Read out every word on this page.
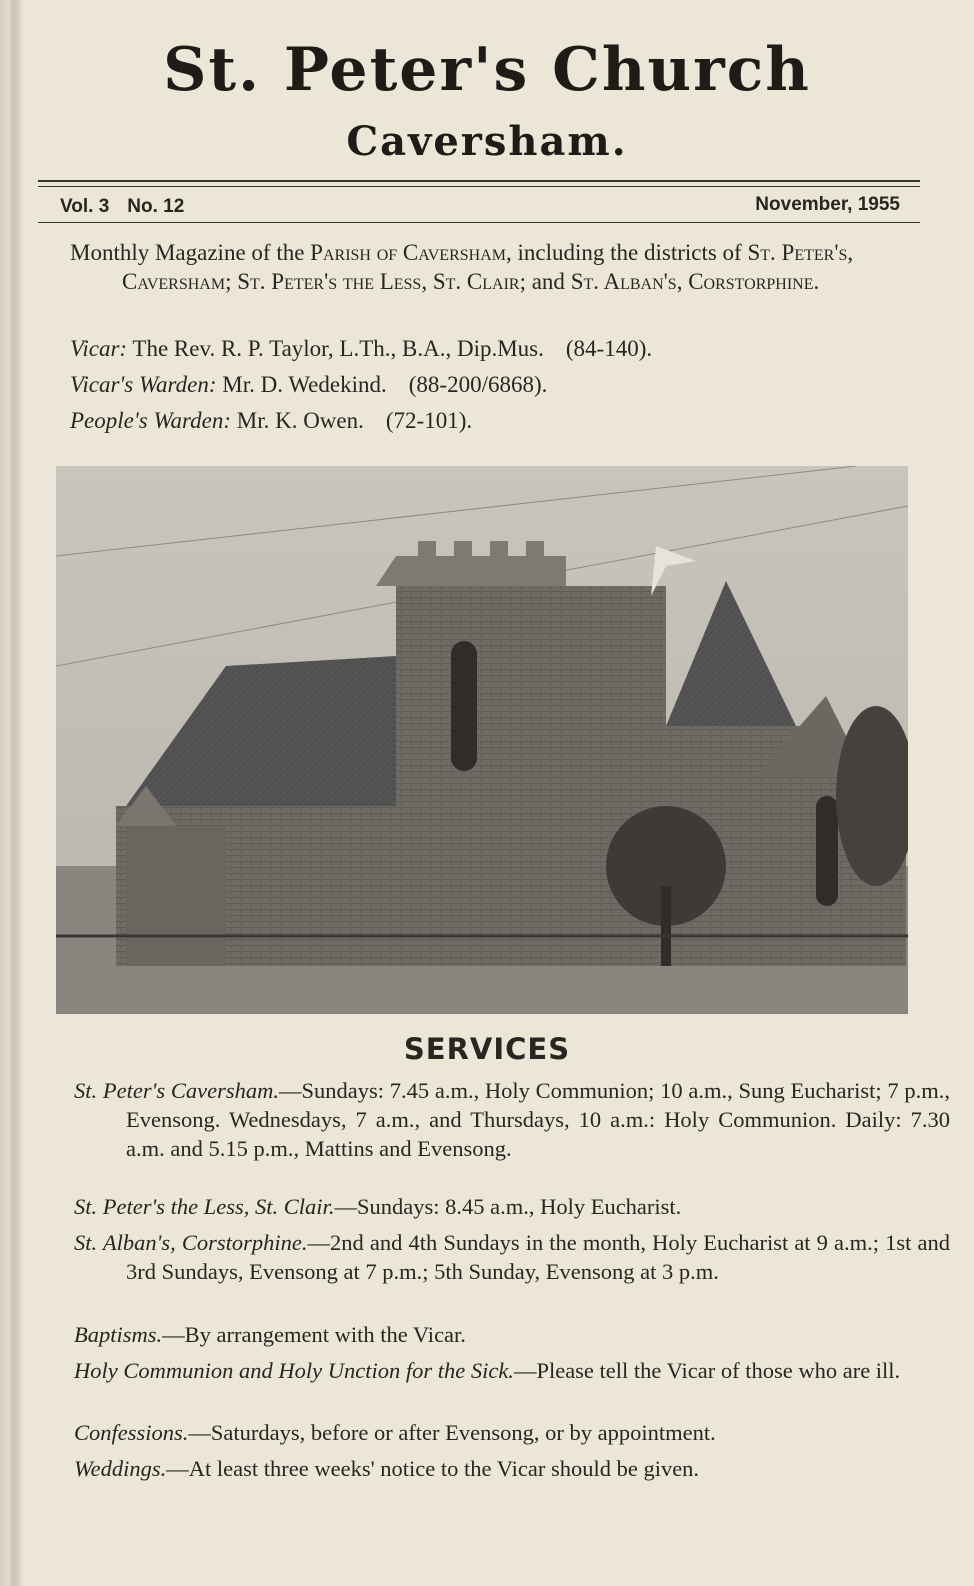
St. Peter's Church
Caversham.
Vol. 3 No. 12	November, 1955
Monthly Magazine of the Parish of Caversham, including the districts of St. Peter's, Caversham; St. Peter's the Less, St. Clair; and St. Alban's, Corstorphine.
Vicar: The Rev. R. P. Taylor, L.Th., B.A., Dip.Mus. (84-140).
Vicar's Warden: Mr. D. Wedekind. (88-200/6868).
People's Warden: Mr. K. Owen. (72-101).
SERVICES
St. Peter's Caversham.—Sundays: 7.45 a.m., Holy Communion; 10 a.m., Sung Eucharist; 7 p.m., Evensong. Wednesdays, 7 a.m., and Thursdays, 10 a.m.: Holy Communion. Daily: 7.30 a.m. and 5.15 p.m., Mattins and Evensong.
St. Peter's the Less, St. Clair.—Sundays: 8.45 a.m., Holy Eucharist.
St. Alban's, Corstorphine.—2nd and 4th Sundays in the month, Holy Eucharist at 9 a.m.; 1st and 3rd Sundays, Evensong at 7 p.m.; 5th Sunday, Evensong at 3 p.m.
Baptisms.—By arrangement with the Vicar.
Holy Communion and Holy Unction for the Sick.—Please tell the Vicar of those who are ill.
Confessions.—Saturdays, before or after Evensong, or by appointment.
Weddings.—At least three weeks' notice to the Vicar should be given.
